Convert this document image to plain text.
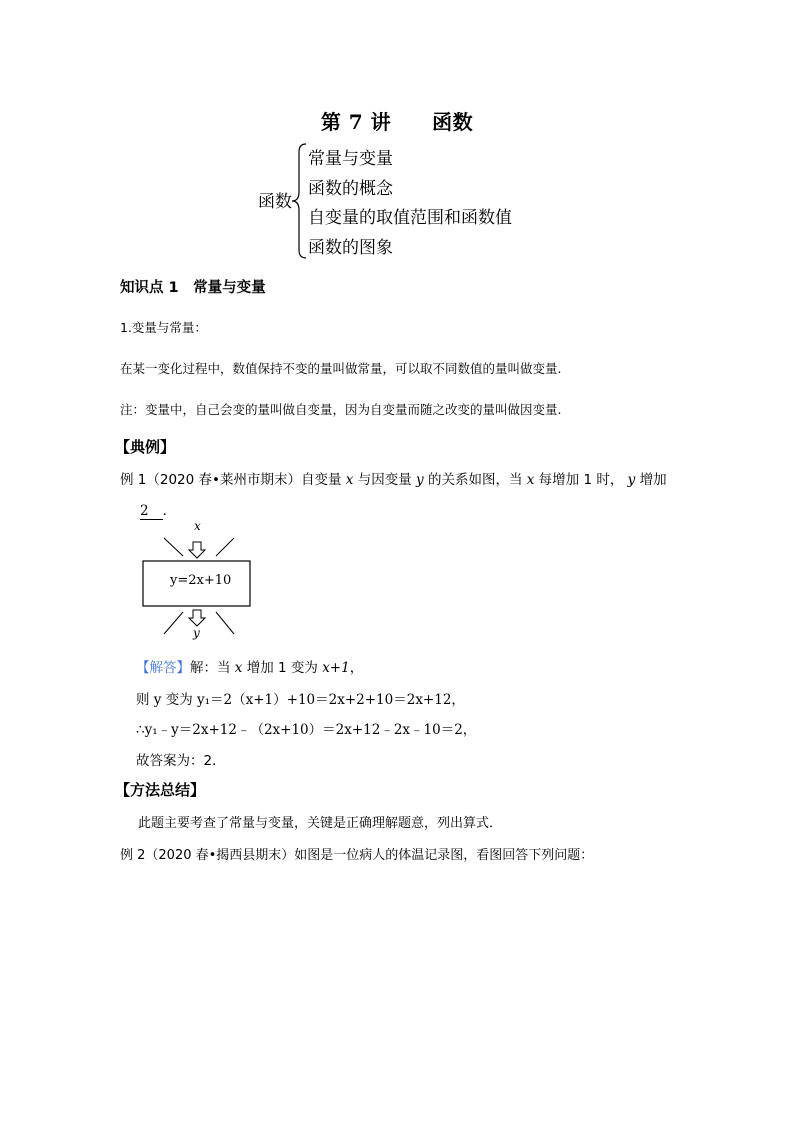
第 7 讲　　函数
函数
常量与变量
函数的概念
自变量的取值范围和函数值
函数的图象
知识点 1　常量与变量
1.变量与常量：
在某一变化过程中，数值保持不变的量叫做常量，可以取不同数值的量叫做变量.
注：变量中，自己会变的量叫做自变量，因为自变量而随之改变的量叫做因变量.
【典例】
例 1（2020 春•莱州市期末）自变量 x 与因变量 y 的关系如图，当 x 每增加 1 时， y 增加
2 ．
x
y=2x+10
y
【解答】解：当 x 增加 1 变为 x+1，
则 y 变为 y₁＝2（x+1）+10＝2x+2+10＝2x+12，
∴y₁﹣y＝2x+12﹣（2x+10）＝2x+12﹣2x﹣10＝2，
故答案为：2．
【方法总结】
此题主要考查了常量与变量，关键是正确理解题意，列出算式．
例 2（2020 春•揭西县期末）如图是一位病人的体温记录图，看图回答下列问题：
